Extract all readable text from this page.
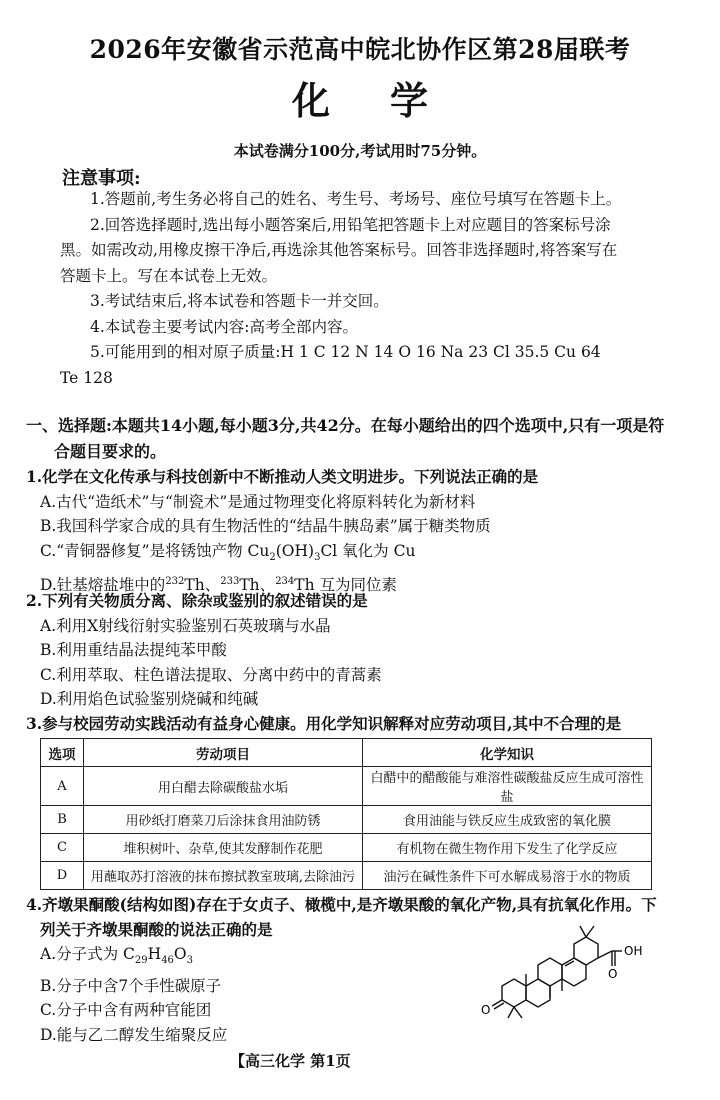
2026年安徽省示范高中皖北协作区第28届联考
化学
本试卷满分100分,考试用时75分钟。
注意事项:

1.答题前,考生务必将自己的姓名、考生号、考场号、座位号填写在答题卡上。

2.回答选择题时,选出每小题答案后,用铅笔把答题卡上对应题目的答案标号涂

黑。如需改动,用橡皮擦干净后,再选涂其他答案标号。回答非选择题时,将答案写在

答题卡上。写在本试卷上无效。

3.考试结束后,将本试卷和答题卡一并交回。

4.本试卷主要考试内容:高考全部内容。

5.可能用到的相对原子质量:H 1 C 12 N 14 O 16 Na 23 Cl 35.5 Cu 64

Te 128

一、选择题:本题共14小题,每小题3分,共42分。在每小题给出的四个选项中,只有一项是符
合题目要求的。
1.化学在文化传承与科技创新中不断推动人类文明进步。下列说法正确的是
A.古代“造纸术”与“制瓷术”是通过物理变化将原料转化为新材料
B.我国科学家合成的具有生物活性的“结晶牛胰岛素”属于糖类物质
C.“青铜器修复”是将锈蚀产物 $Cu_2(OH)_3Cl$ 氧化为 Cu
D.钍基熔盐堆中的$^{232}$Th、$^{233}$Th、$^{234}$Th 互为同位素
2.下列有关物质分离、除杂或鉴别的叙述错误的是
A.利用X射线衍射实验鉴别石英玻璃与水晶
B.利用重结晶法提纯苯甲酸
C.利用萃取、柱色谱法提取、分离中药中的青蒿素
D.利用焰色试验鉴别烧碱和纯碱
3.参与校园劳动实践活动有益身心健康。用化学知识解释对应劳动项目,其中不合理的是
选项	劳动项目	化学知识
A	用白醋去除碳酸盐水垢	白醋中的醋酸能与难溶性碳酸盐反应生成可溶性盐
B	用砂纸打磨菜刀后涂抹食用油防锈	食用油能与铁反应生成致密的氧化膜
C	堆积树叶、杂草,使其发酵制作花肥	有机物在微生物作用下发生了化学反应
D	用蘸取苏打溶液的抹布擦拭教室玻璃,去除油污	油污在碱性条件下可水解成易溶于水的物质
4.齐墩果酮酸(结构如图)存在于女贞子、橄榄中,是齐墩果酸的氧化产物,具有抗氧化作用。下
列关于齐墩果酮酸的说法正确的是
A.分子式为 $C_{29}H_{46}O_3$
B.分子中含7个手性碳原子
C.分子中含有两种官能团
D.能与乙二醇发生缩聚反应
OH
O
O
【高三化学 第1页
